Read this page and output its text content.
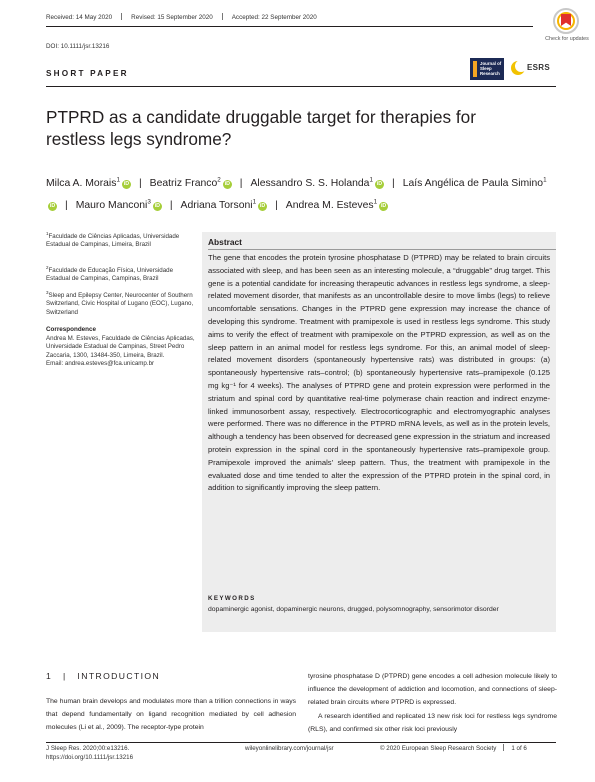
Received: 14 May 2020	Revised: 15 September 2020	Accepted: 22 September 2020
DOI: 10.1111/jsr.13216
Check for updates
SHORT PAPER
Journal of
Sleep
Research
ESRS
PTPRD as a candidate druggable target for therapies for restless legs syndrome?
Milca A. Morais$^1$iD | Beatriz Franco$^2$iD | Alessandro S. S. Holanda$^1$iD | Laís Angélica de Paula Simino$^1$iD | Mauro Manconi$^3$iD | Adriana Torsoni$^1$iD | Andrea M. Esteves$^1$iD
$^1$Faculdade de Ciências Aplicadas, Universidade Estadual de Campinas, Limeira, Brazil
$^2$Faculdade de Educação Física, Universidade Estadual de Campinas, Campinas, Brazil
$^3$Sleep and Epilepsy Center, Neurocenter of Southern Switzerland, Civic Hospital of Lugano (EOC), Lugano, Switzerland
Correspondence
Andrea M. Esteves, Faculdade de Ciências Aplicadas, Universidade Estadual de Campinas, Street Pedro Zaccaria, 1300, 13484-350, Limeira, Brazil.
Email: andrea.esteves@fca.unicamp.br
Abstract
The gene that encodes the protein tyrosine phosphatase D (PTPRD) may be related to brain circuits associated with sleep, and has been seen as an interesting molecule, a “druggable” drug target. This gene is a potential candidate for increasing therapeutic advances in restless legs syndrome, a sleep-related movement disorder, that manifests as an uncontrollable desire to move limbs (legs) to relieve uncomfortable sensations. Changes in the PTPRD gene expression may increase the chance of developing this syndrome. Treatment with pramipexole is used in restless legs syndrome. This study aims to verify the effect of treatment with pramipexole on the PTPRD expression, as well as on the sleep pattern in an animal model for restless legs syndrome. For this, an animal model of sleep-related movement disorders (spontaneously hypertensive rats) was distributed in groups: (a) spontaneously hypertensive rats–control; (b) spontaneously hypertensive rats–pramipexole (0.125 mg kg⁻¹ for 4 weeks). The analyses of PTPRD gene and protein expression were performed in the striatum and spinal cord by quantitative real-time polymerase chain reaction and indirect enzyme-linked immunosorbent assay, respectively. Electrocorticographic and electromyographic analyses were performed. There was no difference in the PTPRD mRNA levels, as well as in the protein levels, although a tendency has been observed for decreased gene expression in the striatum and increased protein expression in the spinal cord in the spontaneously hypertensive rats–pramipexole group. Pramipexole improved the animals' sleep pattern. Thus, the treatment with pramipexole in the evaluated dose and time tended to alter the expression of the PTPRD protein in the spinal cord, in addition to significantly improving the sleep pattern.
KEYWORDS
dopaminergic agonist, dopaminergic neurons, drugged, polysomnography, sensorimotor disorder
1 | INTRODUCTION
The human brain develops and modulates more than a trillion connections in ways that depend fundamentally on ligand recognition mediated by cell adhesion molecules (Li et al., 2009). The receptor-type protein
tyrosine phosphatase D (PTPRD) gene encodes a cell adhesion molecule likely to influence the development of addiction and locomotion, and connections of sleep-related brain circuits where PTPRD is expressed.
A research identified and replicated 13 new risk loci for restless legs syndrome (RLS), and confirmed six other risk loci previously
J Sleep Res. 2020;00:e13216.
https://doi.org/10.1111/jsr.13216
wileyonlinelibrary.com/journal/jsr	© 2020 European Sleep Research Society 1 of 6
